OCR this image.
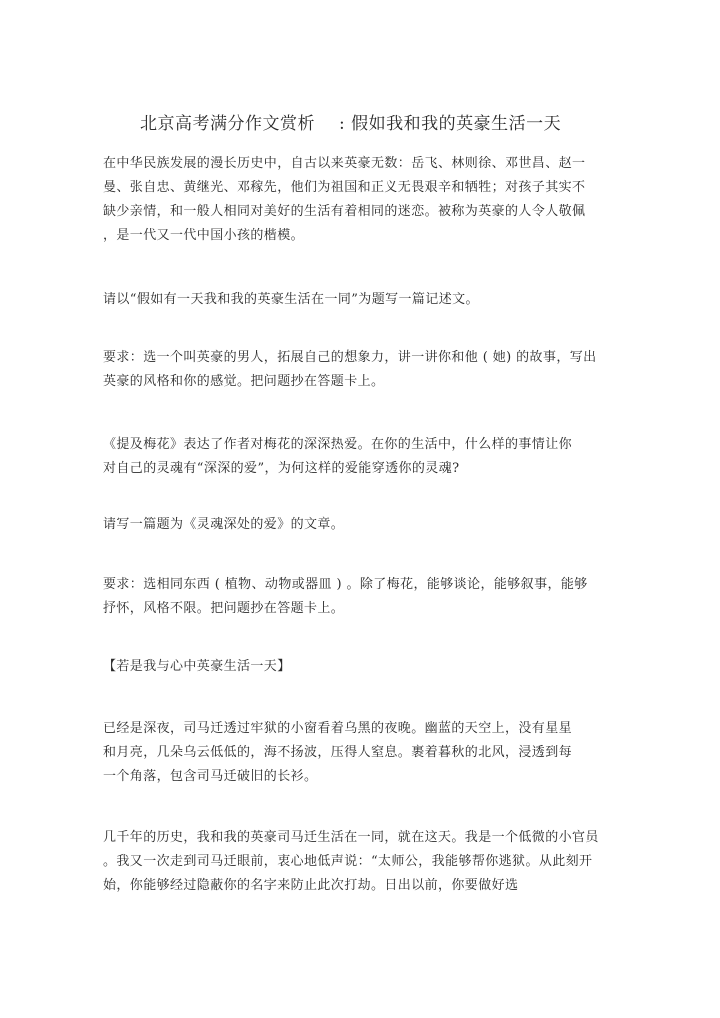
北京高考满分作文赏析 : 假如我和我的英豪生活一天
在中华民族发展的漫长历史中，自古以来英豪无数：岳飞、林则徐、邓世昌、赵一
曼、张自忠、黄继光、邓稼先，他们为祖国和正义无畏艰辛和牺牲；对孩子其实不
缺少亲情，和一般人相同对美好的生活有着相同的迷恋。被称为英豪的人令人敬佩
，是一代又一代中国小孩的楷模。
请以“假如有一天我和我的英豪生活在一同”为题写一篇记述文。
要求：选一个叫英豪的男人，拓展自己的想象力，讲一讲你和他 ( 她) 的故事，写出
英豪的风格和你的感觉。把问题抄在答题卡上。
《提及梅花》表达了作者对梅花的深深热爱。在你的生活中，什么样的事情让你
对自己的灵魂有“深深的爱”，为何这样的爱能穿透你的灵魂?
请写一篇题为《灵魂深处的爱》的文章。
要求：选相同东西 ( 植物、动物或器皿 ) 。除了梅花，能够谈论，能够叙事，能够
抒怀，风格不限。把问题抄在答题卡上。
【若是我与心中英豪生活一天】
已经是深夜，司马迁透过牢狱的小窗看着乌黑的夜晚。幽蓝的天空上，没有星星
和月亮，几朵乌云低低的，海不扬波，压得人窒息。裹着暮秋的北风，浸透到每
一个角落，包含司马迁破旧的长衫。
几千年的历史，我和我的英豪司马迁生活在一同，就在这天。我是一个低微的小官员
。我又一次走到司马迁眼前，衷心地低声说：“太师公，我能够帮你逃狱。从此刻开
始，你能够经过隐蔽你的名字来防止此次打劫。日出以前，你要做好选
